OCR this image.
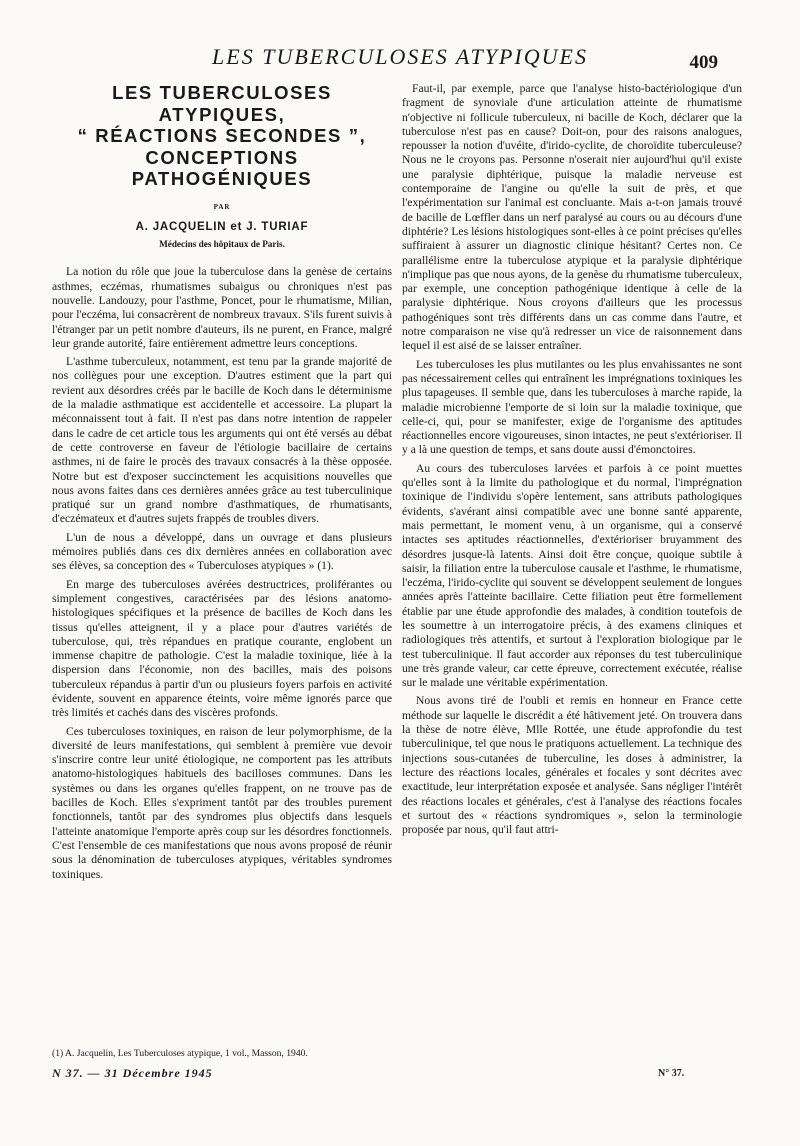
LES TUBERCULOSES ATYPIQUES	409
LES TUBERCULOSES
ATYPIQUES,
“ RÉACTIONS SECONDES ”,
CONCEPTIONS
PATHOGÉNIQUES
PAR
A. JACQUELIN et J. TURIAF
Médecins des hôpitaux de Paris.

La notion du rôle que joue la tuberculose dans la genèse de certains asthmes, eczémas, rhumatismes subaigus ou chroniques n'est pas nouvelle. Landouzy, pour l'asthme, Poncet, pour le rhumatisme, Milian, pour l'eczéma, lui consacrèrent de nombreux travaux. S'ils furent suivis à l'étranger par un petit nombre d'auteurs, ils ne purent, en France, malgré leur grande autorité, faire entièrement admettre leurs conceptions.

L'asthme tuberculeux, notamment, est tenu par la grande majorité de nos collègues pour une exception. D'autres estiment que la part qui revient aux désordres créés par le bacille de Koch dans le déterminisme de la maladie asthmatique est accidentelle et accessoire. La plupart la méconnaissent tout à fait. Il n'est pas dans notre intention de rappeler dans le cadre de cet article tous les arguments qui ont été versés au débat de cette controverse en faveur de l'étiologie bacillaire de certains asthmes, ni de faire le procès des travaux consacrés à la thèse opposée. Notre but est d'exposer succinctement les acquisitions nouvelles que nous avons faites dans ces dernières années grâce au test tuberculinique pratiqué sur un grand nombre d'asthmatiques, de rhumatisants, d'eczémateux et d'autres sujets frappés de troubles divers.

L'un de nous a développé, dans un ouvrage et dans plusieurs mémoires publiés dans ces dix dernières années en collaboration avec ses élèves, sa conception des « Tuberculoses atypiques » (1).

En marge des tuberculoses avérées destructrices, proliférantes ou simplement congestives, caractérisées par des lésions anatomo-histologiques spécifiques et la présence de bacilles de Koch dans les tissus qu'elles atteignent, il y a place pour d'autres variétés de tuberculose, qui, très répandues en pratique courante, englobent un immense chapitre de pathologie. C'est la maladie toxinique, liée à la dispersion dans l'économie, non des bacilles, mais des poisons tuberculeux répandus à partir d'un ou plusieurs foyers parfois en activité évidente, souvent en apparence éteints, voire même ignorés parce que très limités et cachés dans des viscères profonds.

Ces tuberculoses toxiniques, en raison de leur polymorphisme, de la diversité de leurs manifestations, qui semblent à première vue devoir s'inscrire contre leur unité étiologique, ne comportent pas les attributs anatomo-histologiques habituels des bacilloses communes. Dans les systèmes ou dans les organes qu'elles frappent, on ne trouve pas de bacilles de Koch. Elles s'expriment tantôt par des troubles purement fonctionnels, tantôt par des syndromes plus objectifs dans lesquels l'atteinte anatomique l'emporte après coup sur les désordres fonctionnels. C'est l'ensemble de ces manifestations que nous avons proposé de réunir sous la dénomination de tuberculoses atypiques, véritables syndromes toxiniques.

Faut-il, par exemple, parce que l'analyse histo-bactériologique d'un fragment de synoviale d'une articulation atteinte de rhumatisme n'objective ni follicule tuberculeux, ni bacille de Koch, déclarer que la tuberculose n'est pas en cause? Doit-on, pour des raisons analogues, repousser la notion d'uvéite, d'irido-cyclite, de choroïdite tuberculeuse? Nous ne le croyons pas. Personne n'oserait nier aujourd'hui qu'il existe une paralysie diphtérique, puisque la maladie nerveuse est contemporaine de l'angine ou qu'elle la suit de près, et que l'expérimentation sur l'animal est concluante. Mais a-t-on jamais trouvé de bacille de Lœffler dans un nerf paralysé au cours ou au décours d'une diphtérie? Les lésions histologiques sont-elles à ce point précises qu'elles suffiraient à assurer un diagnostic clinique hésitant? Certes non. Ce parallélisme entre la tuberculose atypique et la paralysie diphtérique n'implique pas que nous ayons, de la genèse du rhumatisme tuberculeux, par exemple, une conception pathogénique identique à celle de la paralysie diphtérique. Nous croyons d'ailleurs que les processus pathogéniques sont très différents dans un cas comme dans l'autre, et notre comparaison ne vise qu'à redresser un vice de raisonnement dans lequel il est aisé de se laisser entraîner.

Les tuberculoses les plus mutilantes ou les plus envahissantes ne sont pas nécessairement celles qui entraînent les imprégnations toxiniques les plus tapageuses. Il semble que, dans les tuberculoses à marche rapide, la maladie microbienne l'emporte de si loin sur la maladie toxinique, que celle-ci, qui, pour se manifester, exige de l'organisme des aptitudes réactionnelles encore vigoureuses, sinon intactes, ne peut s'extérioriser. Il y a là une question de temps, et sans doute aussi d'émonctoires.

Au cours des tuberculoses larvées et parfois à ce point muettes qu'elles sont à la limite du pathologique et du normal, l'imprégnation toxinique de l'individu s'opère lentement, sans attributs pathologiques évidents, s'avérant ainsi compatible avec une bonne santé apparente, mais permettant, le moment venu, à un organisme, qui a conservé intactes ses aptitudes réactionnelles, d'extérioriser bruyamment des désordres jusque-là latents. Ainsi doit être conçue, quoique subtile à saisir, la filiation entre la tuberculose causale et l'asthme, le rhumatisme, l'eczéma, l'irido-cyclite qui souvent se développent seulement de longues années après l'atteinte bacillaire. Cette filiation peut être formellement établie par une étude approfondie des malades, à condition toutefois de les soumettre à un interrogatoire précis, à des examens cliniques et radiologiques très attentifs, et surtout à l'exploration biologique par le test tuberculinique. Il faut accorder aux réponses du test tuberculinique une très grande valeur, car cette épreuve, correctement exécutée, réalise sur le malade une véritable expérimentation.

Nous avons tiré de l'oubli et remis en honneur en France cette méthode sur laquelle le discrédit a été hâtivement jeté. On trouvera dans la thèse de notre élève, Mlle Rottée, une étude approfondie du test tuberculinique, tel que nous le pratiquons actuellement. La technique des injections sous-cutanées de tuberculine, les doses à administrer, la lecture des réactions locales, générales et focales y sont décrites avec exactitude, leur interprétation exposée et analysée. Sans négliger l'intérêt des réactions locales et générales, c'est à l'analyse des réactions focales et surtout des « réactions syndromiques », selon la terminologie proposée par nous, qu'il faut attri-

(1) A. Jacquelin, Les Tuberculoses atypique, 1 vol., Masson, 1940.
N 37. — 31 Décembre 1945	N° 37.
